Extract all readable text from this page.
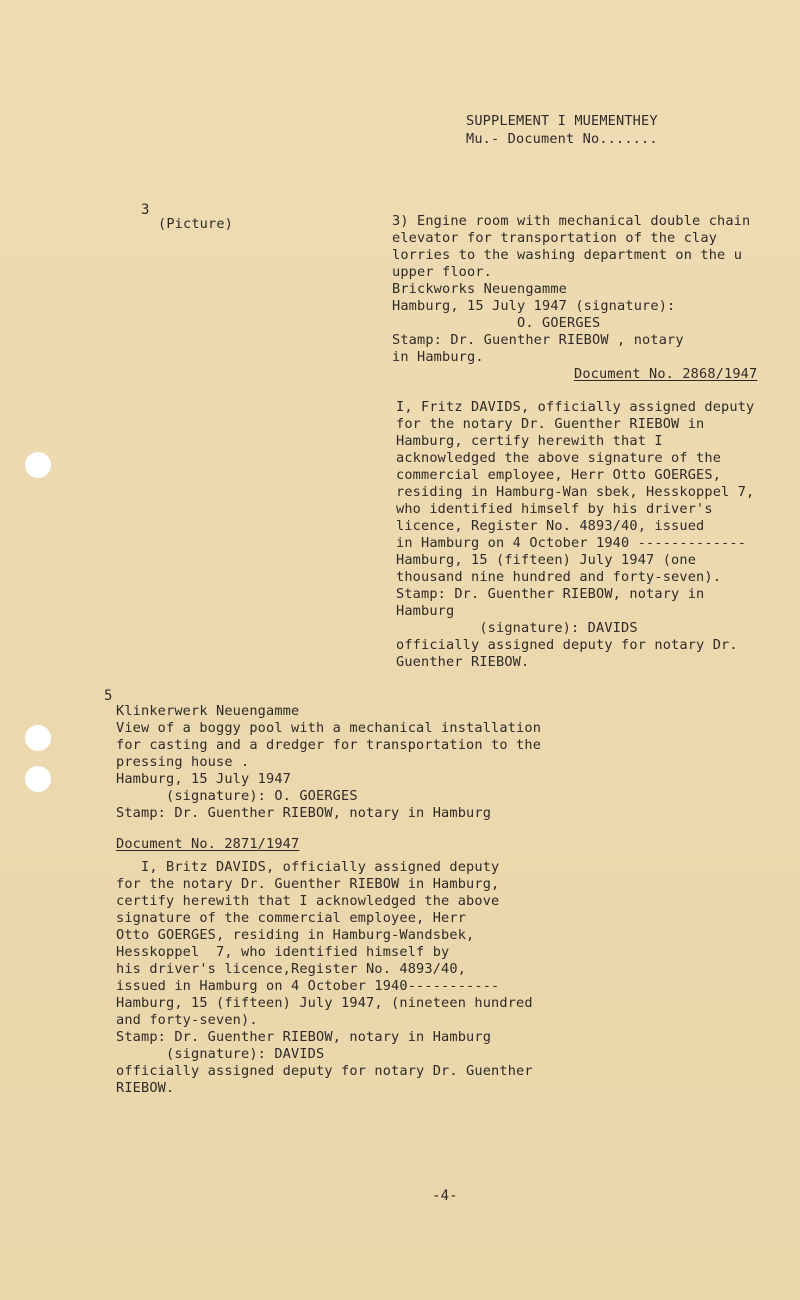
SUPPLEMENT I MUEMENTHEY
Mu.- Document No.......
3
(Picture)	3) Engine room with mechanical double chain
elevator for transportation of the clay
lorries to the washing department on the u
upper floor.
Brickworks Neuengamme
Hamburg, 15 July 1947 (signature):
O. GOERGES
Stamp: Dr. Guenther RIEBOW , notary
in Hamburg.
Document No. 2868/1947
I, Fritz DAVIDS, officially assigned deputy
for the notary Dr. Guenther RIEBOW in
Hamburg, certify herewith that I
acknowledged the above signature of the
commercial employee, Herr Otto GOERGES,
residing in Hamburg-Wan sbek, Hesskoppel 7,
who identified himself by his driver's
licence, Register No. 4893/40, issued
in Hamburg on 4 October 1940 -------------
Hamburg, 15 (fifteen) July 1947 (one
thousand nine hundred and forty-seven).
Stamp: Dr. Guenther RIEBOW, notary in
Hamburg
(signature): DAVIDS
officially assigned deputy for notary Dr.
Guenther RIEBOW.
5
Klinkerwerk Neuengamme
View of a boggy pool with a mechanical installation
for casting and a dredger for transportation to the
pressing house .
Hamburg, 15 July 1947
(signature): O. GOERGES
Stamp: Dr. Guenther RIEBOW, notary in Hamburg
Document No. 2871/1947
I, Britz DAVIDS, officially assigned deputy
for the notary Dr. Guenther RIEBOW in Hamburg,
certify herewith that I acknowledged the above
signature of the commercial employee, Herr
Otto GOERGES, residing in Hamburg-Wandsbek,
Hesskoppel  7, who identified himself by
his driver's licence,Register No. 4893/40,
issued in Hamburg on 4 October 1940-----------
Hamburg, 15 (fifteen) July 1947, (nineteen hundred
and forty-seven).
Stamp: Dr. Guenther RIEBOW, notary in Hamburg
(signature): DAVIDS
officially assigned deputy for notary Dr. Guenther
RIEBOW.
-4-
